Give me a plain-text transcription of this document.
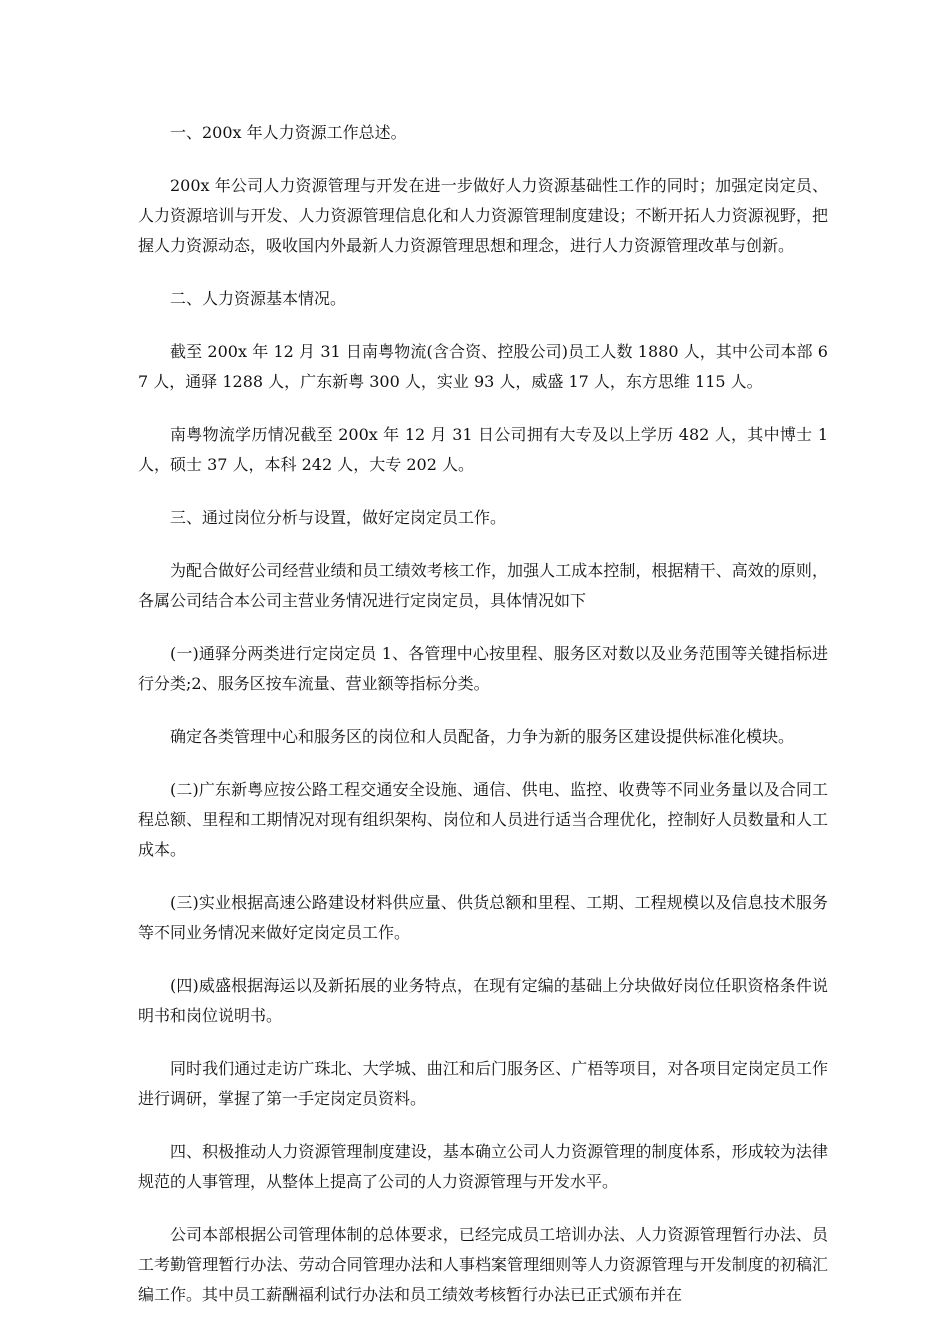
一、200x 年人力资源工作总述。

200x 年公司人力资源管理与开发在进一步做好人力资源基础性工作的同时；加强定岗定员、人力资源培训与开发、人力资源管理信息化和人力资源管理制度建设；不断开拓人力资源视野，把握人力资源动态，吸收国内外最新人力资源管理思想和理念，进行人力资源管理改革与创新。

二、人力资源基本情况。

截至 200x 年 12 月 31 日南粤物流(含合资、控股公司)员工人数 1880 人，其中公司本部 67 人，通驿 1288 人，广东新粤 300 人，实业 93 人，威盛 17 人，东方思维 115 人。

南粤物流学历情况截至 200x 年 12 月 31 日公司拥有大专及以上学历 482 人，其中博士 1 人，硕士 37 人，本科 242 人，大专 202 人。

三、通过岗位分析与设置，做好定岗定员工作。

为配合做好公司经营业绩和员工绩效考核工作，加强人工成本控制，根据精干、高效的原则，各属公司结合本公司主营业务情况进行定岗定员，具体情况如下

(一)通驿分两类进行定岗定员 1、各管理中心按里程、服务区对数以及业务范围等关键指标进行分类;2、服务区按车流量、营业额等指标分类。

确定各类管理中心和服务区的岗位和人员配备，力争为新的服务区建设提供标准化模块。

(二)广东新粤应按公路工程交通安全设施、通信、供电、监控、收费等不同业务量以及合同工程总额、里程和工期情况对现有组织架构、岗位和人员进行适当合理优化，控制好人员数量和人工成本。

(三)实业根据高速公路建设材料供应量、供货总额和里程、工期、工程规模以及信息技术服务等不同业务情况来做好定岗定员工作。

(四)威盛根据海运以及新拓展的业务特点，在现有定编的基础上分块做好岗位任职资格条件说明书和岗位说明书。

同时我们通过走访广珠北、大学城、曲江和后门服务区、广梧等项目，对各项目定岗定员工作进行调研，掌握了第一手定岗定员资料。

四、积极推动人力资源管理制度建设，基本确立公司人力资源管理的制度体系，形成较为法律规范的人事管理，从整体上提高了公司的人力资源管理与开发水平。

公司本部根据公司管理体制的总体要求，已经完成员工培训办法、人力资源管理暂行办法、员工考勤管理暂行办法、劳动合同管理办法和人事档案管理细则等人力资源管理与开发制度的初稿汇编工作。其中员工薪酬福利试行办法和员工绩效考核暂行办法已正式颁布并在
